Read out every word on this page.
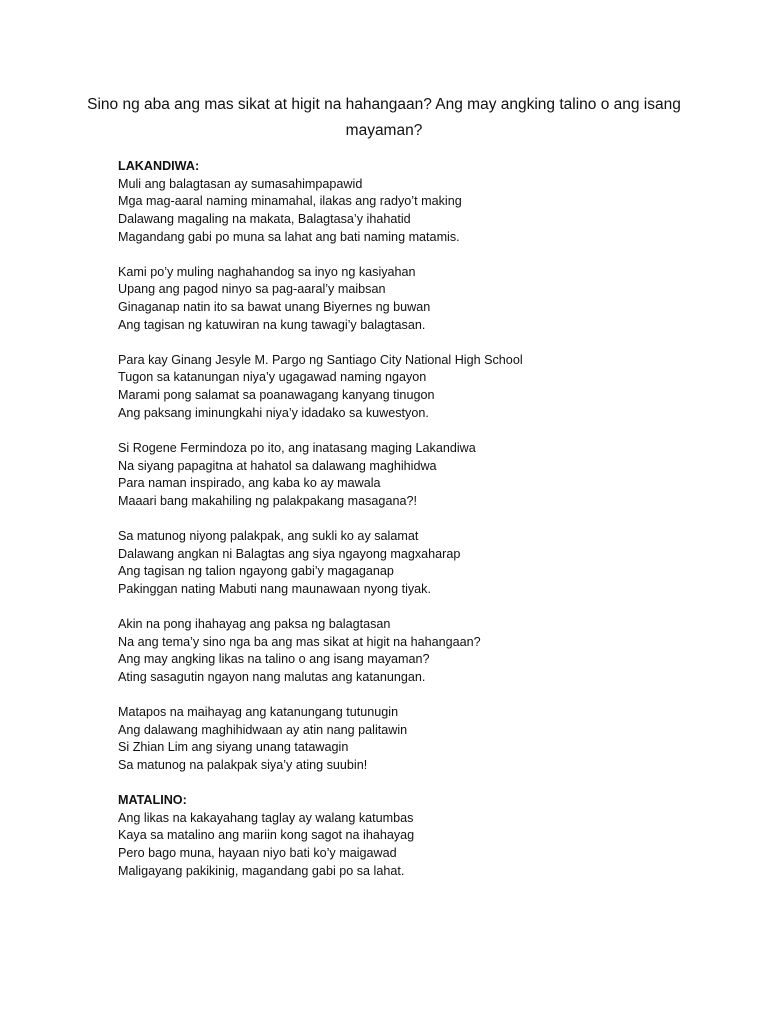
Sino ng aba ang mas sikat at higit na hahangaan? Ang may angking talino o ang isang mayaman?
LAKANDIWA:
Muli ang balagtasan ay sumasahimpapawid
Mga mag-aaral naming minamahal, ilakas ang radyo’t making
Dalawang magaling na makata, Balagtasa’y ihahatid
Magandang gabi po muna sa lahat ang bati naming matamis.
Kami po’y muling naghahandog sa inyo ng kasiyahan
Upang ang pagod ninyo sa pag-aaral’y maibsan
Ginaganap natin ito sa bawat unang Biyernes ng buwan
Ang tagisan ng katuwiran na kung tawagi’y balagtasan.
Para kay Ginang Jesyle M. Pargo ng Santiago City National High School
Tugon sa katanungan niya’y ugagawad naming ngayon
Marami pong salamat sa poanawagang kanyang tinugon
Ang paksang iminungkahi niya’y idadako sa kuwestyon.
Si Rogene Fermindoza po ito, ang inatasang maging Lakandiwa
Na siyang papagitna at hahatol sa dalawang maghihidwa
Para naman inspirado, ang kaba ko ay mawala
Maaari bang makahiling ng palakpakang masagana?!
Sa matunog niyong palakpak, ang sukli ko ay salamat
Dalawang angkan ni Balagtas ang siya ngayong magхaharap
Ang tagisan ng talion ngayong gabi’y magaganap
Pakinggan nating Mabuti nang maunawaan nyong tiyak.
Akin na pong ihahayag ang paksa ng balagtasan
Na ang tema’y sino nga ba ang mas sikat at higit na hahangaan?
Ang may angking likas na talino o ang isang mayaman?
Ating sasagutin ngayon nang malutas ang katanungan.
Matapos na maihayag ang katanungang tutunugin
Ang dalawang maghihidwaan ay atin nang palitawin
Si Zhian Lim ang siyang unang tatawagin
Sa matunog na palakpak siya’y ating suubin!
MATALINO:
Ang likas na kakayahang taglay ay walang katumbas
Kaya sa matalino ang mariin kong sagot na ihahayag
Pero bago muna, hayaan niyo bati ko’y maigawad
Maligayang pakikinig, magandang gabi po sa lahat.
